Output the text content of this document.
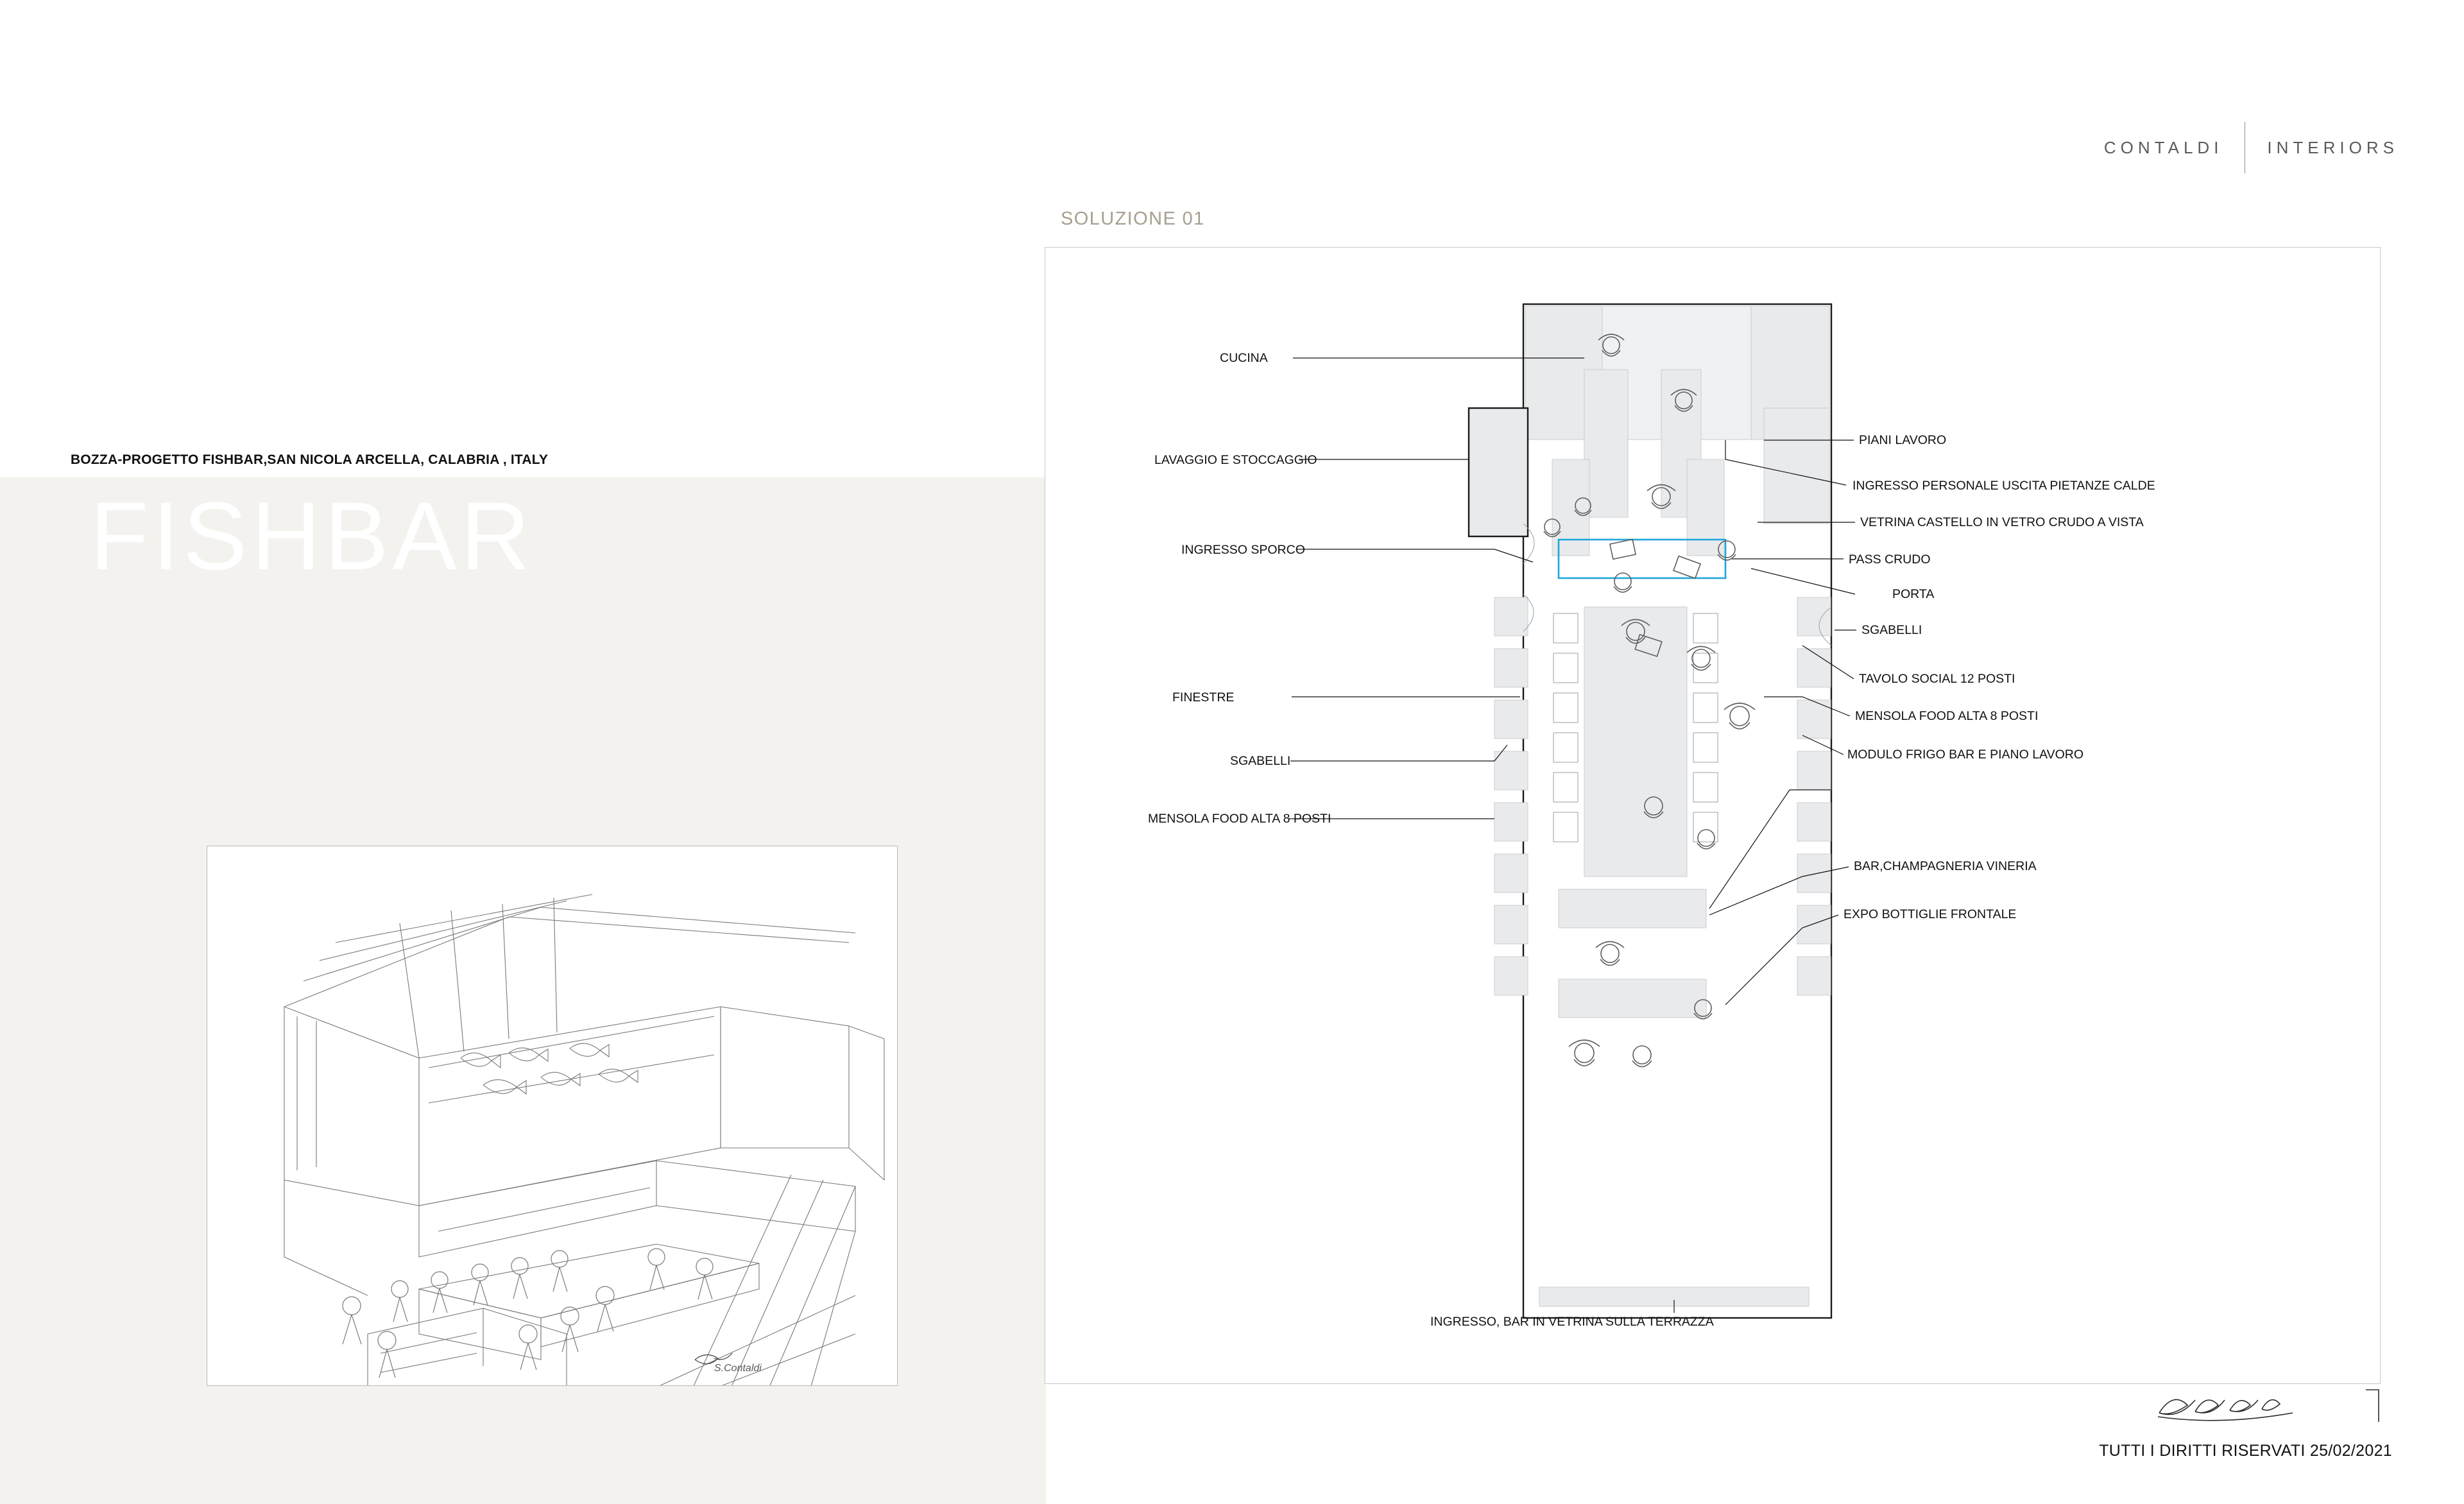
CONTALDI	INTERIORS
BOZZA-PROGETTO FISHBAR,SAN NICOLA ARCELLA, CALABRIA , ITALY
FISHBAR
S.Contaldi
SOLUZIONE 01
CUCINA
LAVAGGIO E STOCCAGGIO
INGRESSO SPORCO
FINESTRE
SGABELLI
MENSOLA FOOD ALTA 8 POSTI
PIANI LAVORO
INGRESSO PERSONALE USCITA PIETANZE CALDE
VETRINA CASTELLO IN VETRO CRUDO A VISTA
PASS CRUDO
PORTA
SGABELLI
TAVOLO SOCIAL 12 POSTI
MENSOLA FOOD ALTA 8 POSTI
MODULO FRIGO BAR E PIANO LAVORO
BAR,CHAMPAGNERIA VINERIA
EXPO BOTTIGLIE FRONTALE
INGRESSO, BAR IN VETRINA SULLA TERRAZZA
TUTTI I DIRITTI RISERVATI 25/02/2021
